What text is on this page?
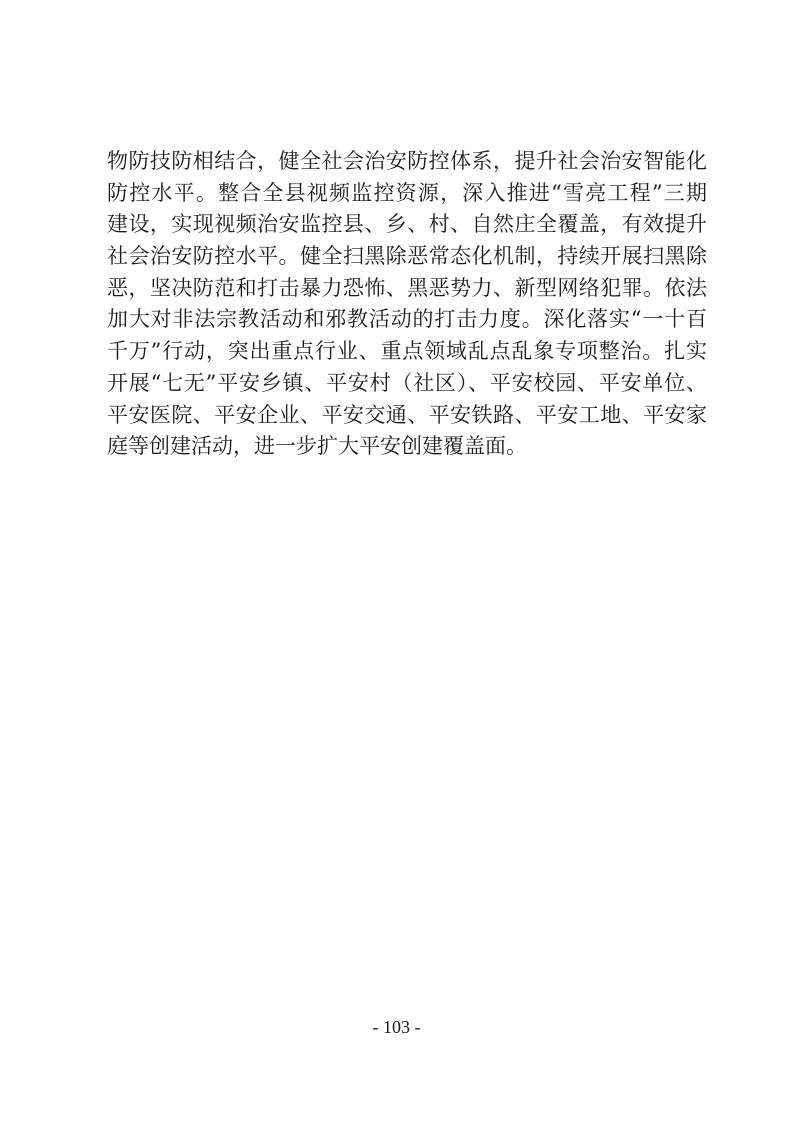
物防技防相结合，健全社会治安防控体系，提升社会治安智能化
防控水平。整合全县视频监控资源，深入推进“雪亮工程”三期
建设，实现视频治安监控县、乡、村、自然庄全覆盖，有效提升
社会治安防控水平。健全扫黑除恶常态化机制，持续开展扫黑除
恶，坚决防范和打击暴力恐怖、黑恶势力、新型网络犯罪。依法
加大对非法宗教活动和邪教活动的打击力度。深化落实“一十百
千万”行动，突出重点行业、重点领域乱点乱象专项整治。扎实
开展“七无”平安乡镇、平安村（社区）、平安校园、平安单位、
平安医院、平安企业、平安交通、平安铁路、平安工地、平安家
庭等创建活动，进一步扩大平安创建覆盖面。
- 103 -
